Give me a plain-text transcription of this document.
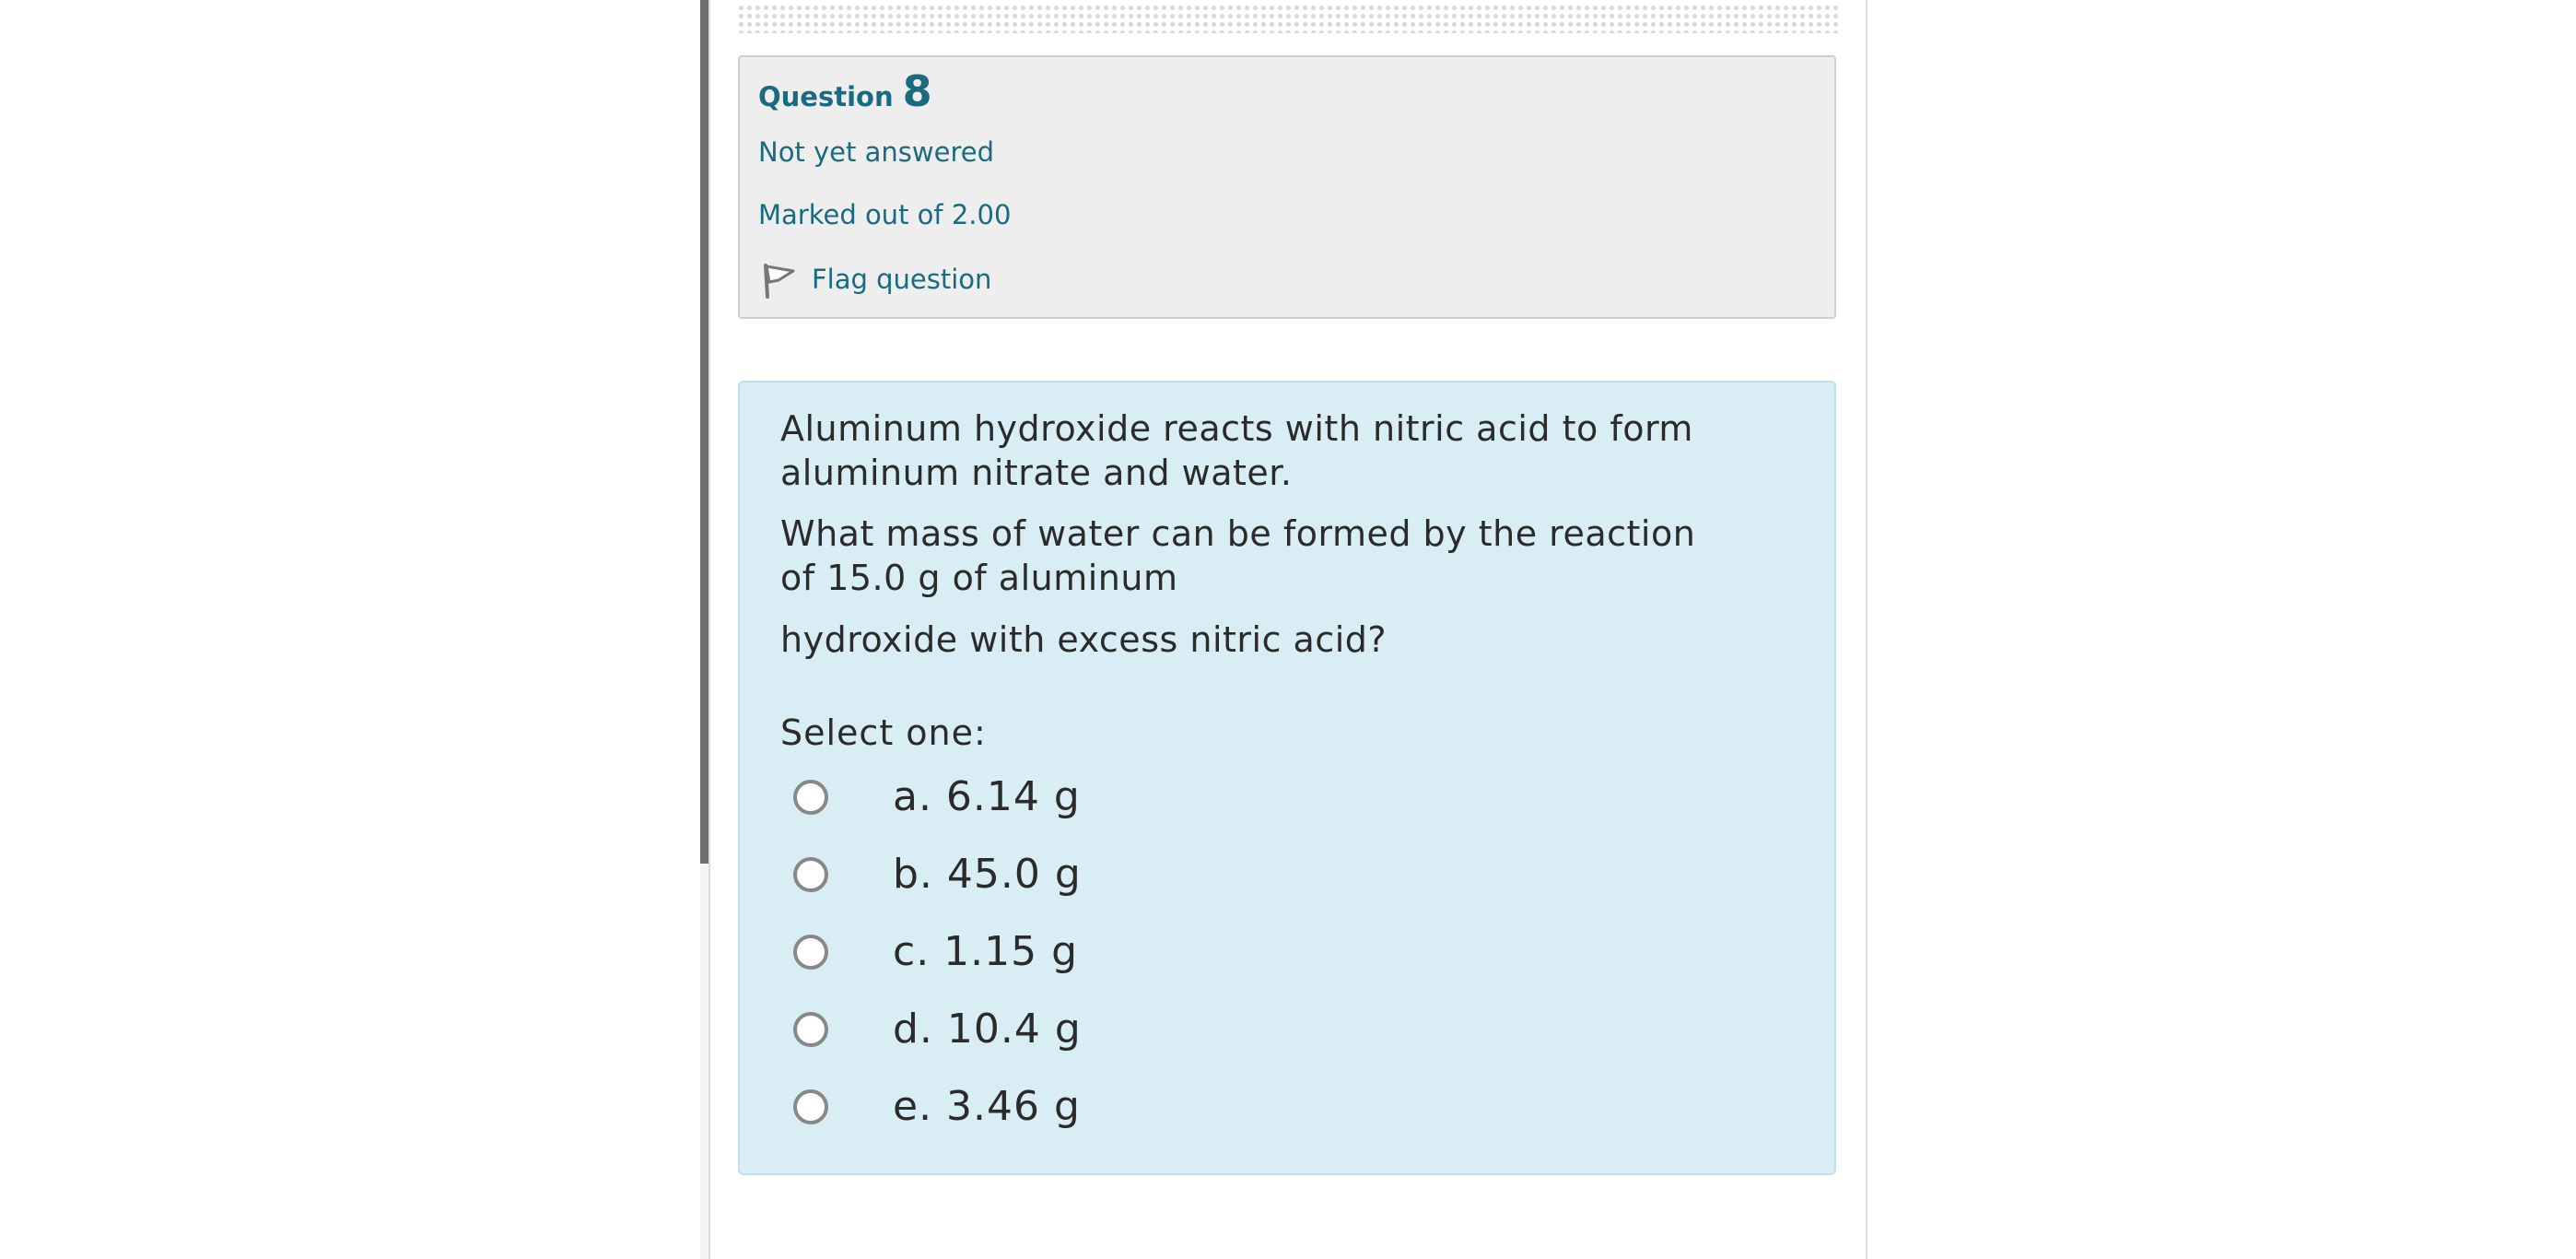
Question 8
Not yet answered
Marked out of 2.00
Flag question
Aluminum hydroxide reacts with nitric acid to form aluminum nitrate and water.
What mass of water can be formed by the reaction of 15.0 g of aluminum
hydroxide with excess nitric acid?
Select one:
a. 6.14 g
b. 45.0 g
c. 1.15 g
d. 10.4 g
e. 3.46 g
